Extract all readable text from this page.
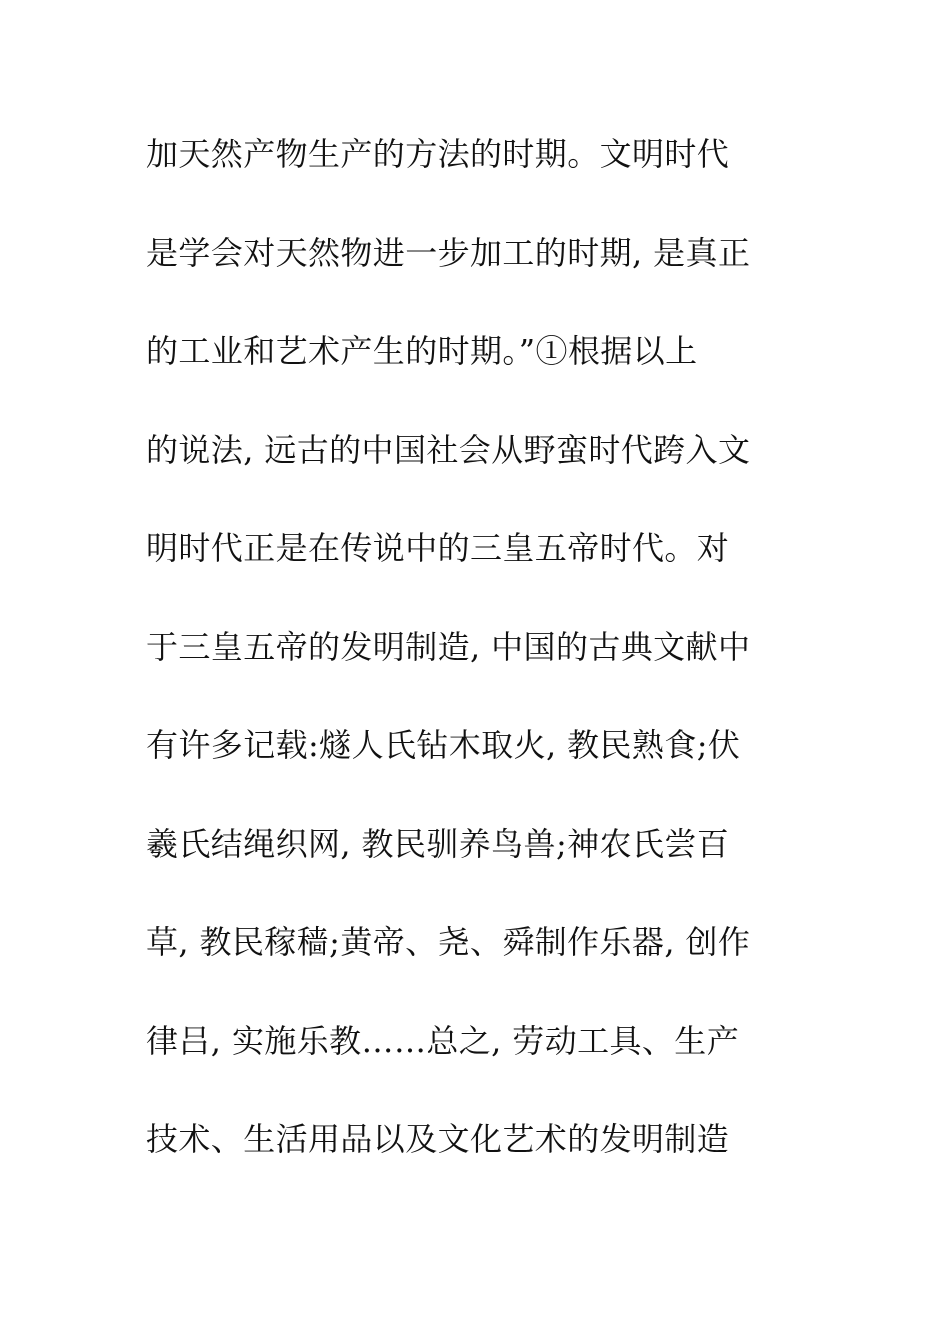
加天然产物生产的方法的时期。文明时代
是学会对天然物进一步加工的时期, 是真正
的工业和艺术产生的时期。”①根据以上
的说法, 远古的中国社会从野蛮时代跨入文
明时代正是在传说中的三皇五帝时代。对
于三皇五帝的发明制造, 中国的古典文献中
有许多记载:燧人氏钻木取火, 教民熟食;伏
羲氏结绳织网, 教民驯养鸟兽;神农氏尝百
草, 教民稼穑;黄帝、尧、舜制作乐器, 创作
律吕, 实施乐教……总之, 劳动工具、生产
技术、生活用品以及文化艺术的发明制造
